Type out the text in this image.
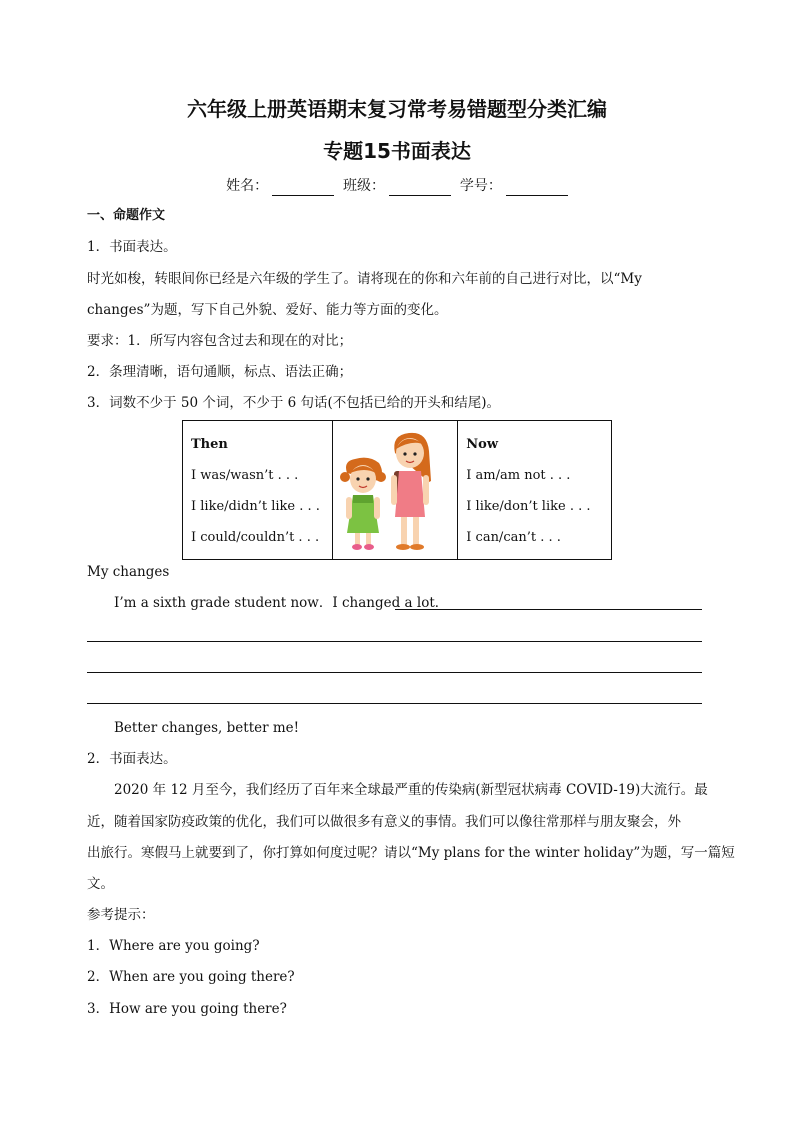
六年级上册英语期末复习常考易错题型分类汇编
专题15书面表达
姓名：	班级：	学号：
一、命题作文
1．书面表达。
时光如梭，转眼间你已经是六年级的学生了。请将现在的你和六年前的自己进行对比，以“My
changes”为题，写下自己外貌、爱好、能力等方面的变化。
要求：1．所写内容包含过去和现在的对比；
2．条理清晰，语句通顺，标点、语法正确；
3．词数不少于 50 个词，不少于 6 句话(不包括已给的开头和结尾)。
Then
I was/wasn’t . . .
I like/didn’t like . . .
I could/couldn’t . . .

Now
I am/am not . . .
I like/don’t like . . .
I can/can’t . . .
My changes
I’m a sixth grade student now．I changed a lot．
Better changes, better me!
2．书面表达。
2020 年 12 月至今，我们经历了百年来全球最严重的传染病(新型冠状病毒 COVID-19)大流行。最
近，随着国家防疫政策的优化，我们可以做很多有意义的事情。我们可以像往常那样与朋友聚会，外
出旅行。寒假马上就要到了，你打算如何度过呢？请以“My plans for the winter holiday”为题，写一篇短
文。
参考提示：
1．Where are you going?
2．When are you going there?
3．How are you going there?
